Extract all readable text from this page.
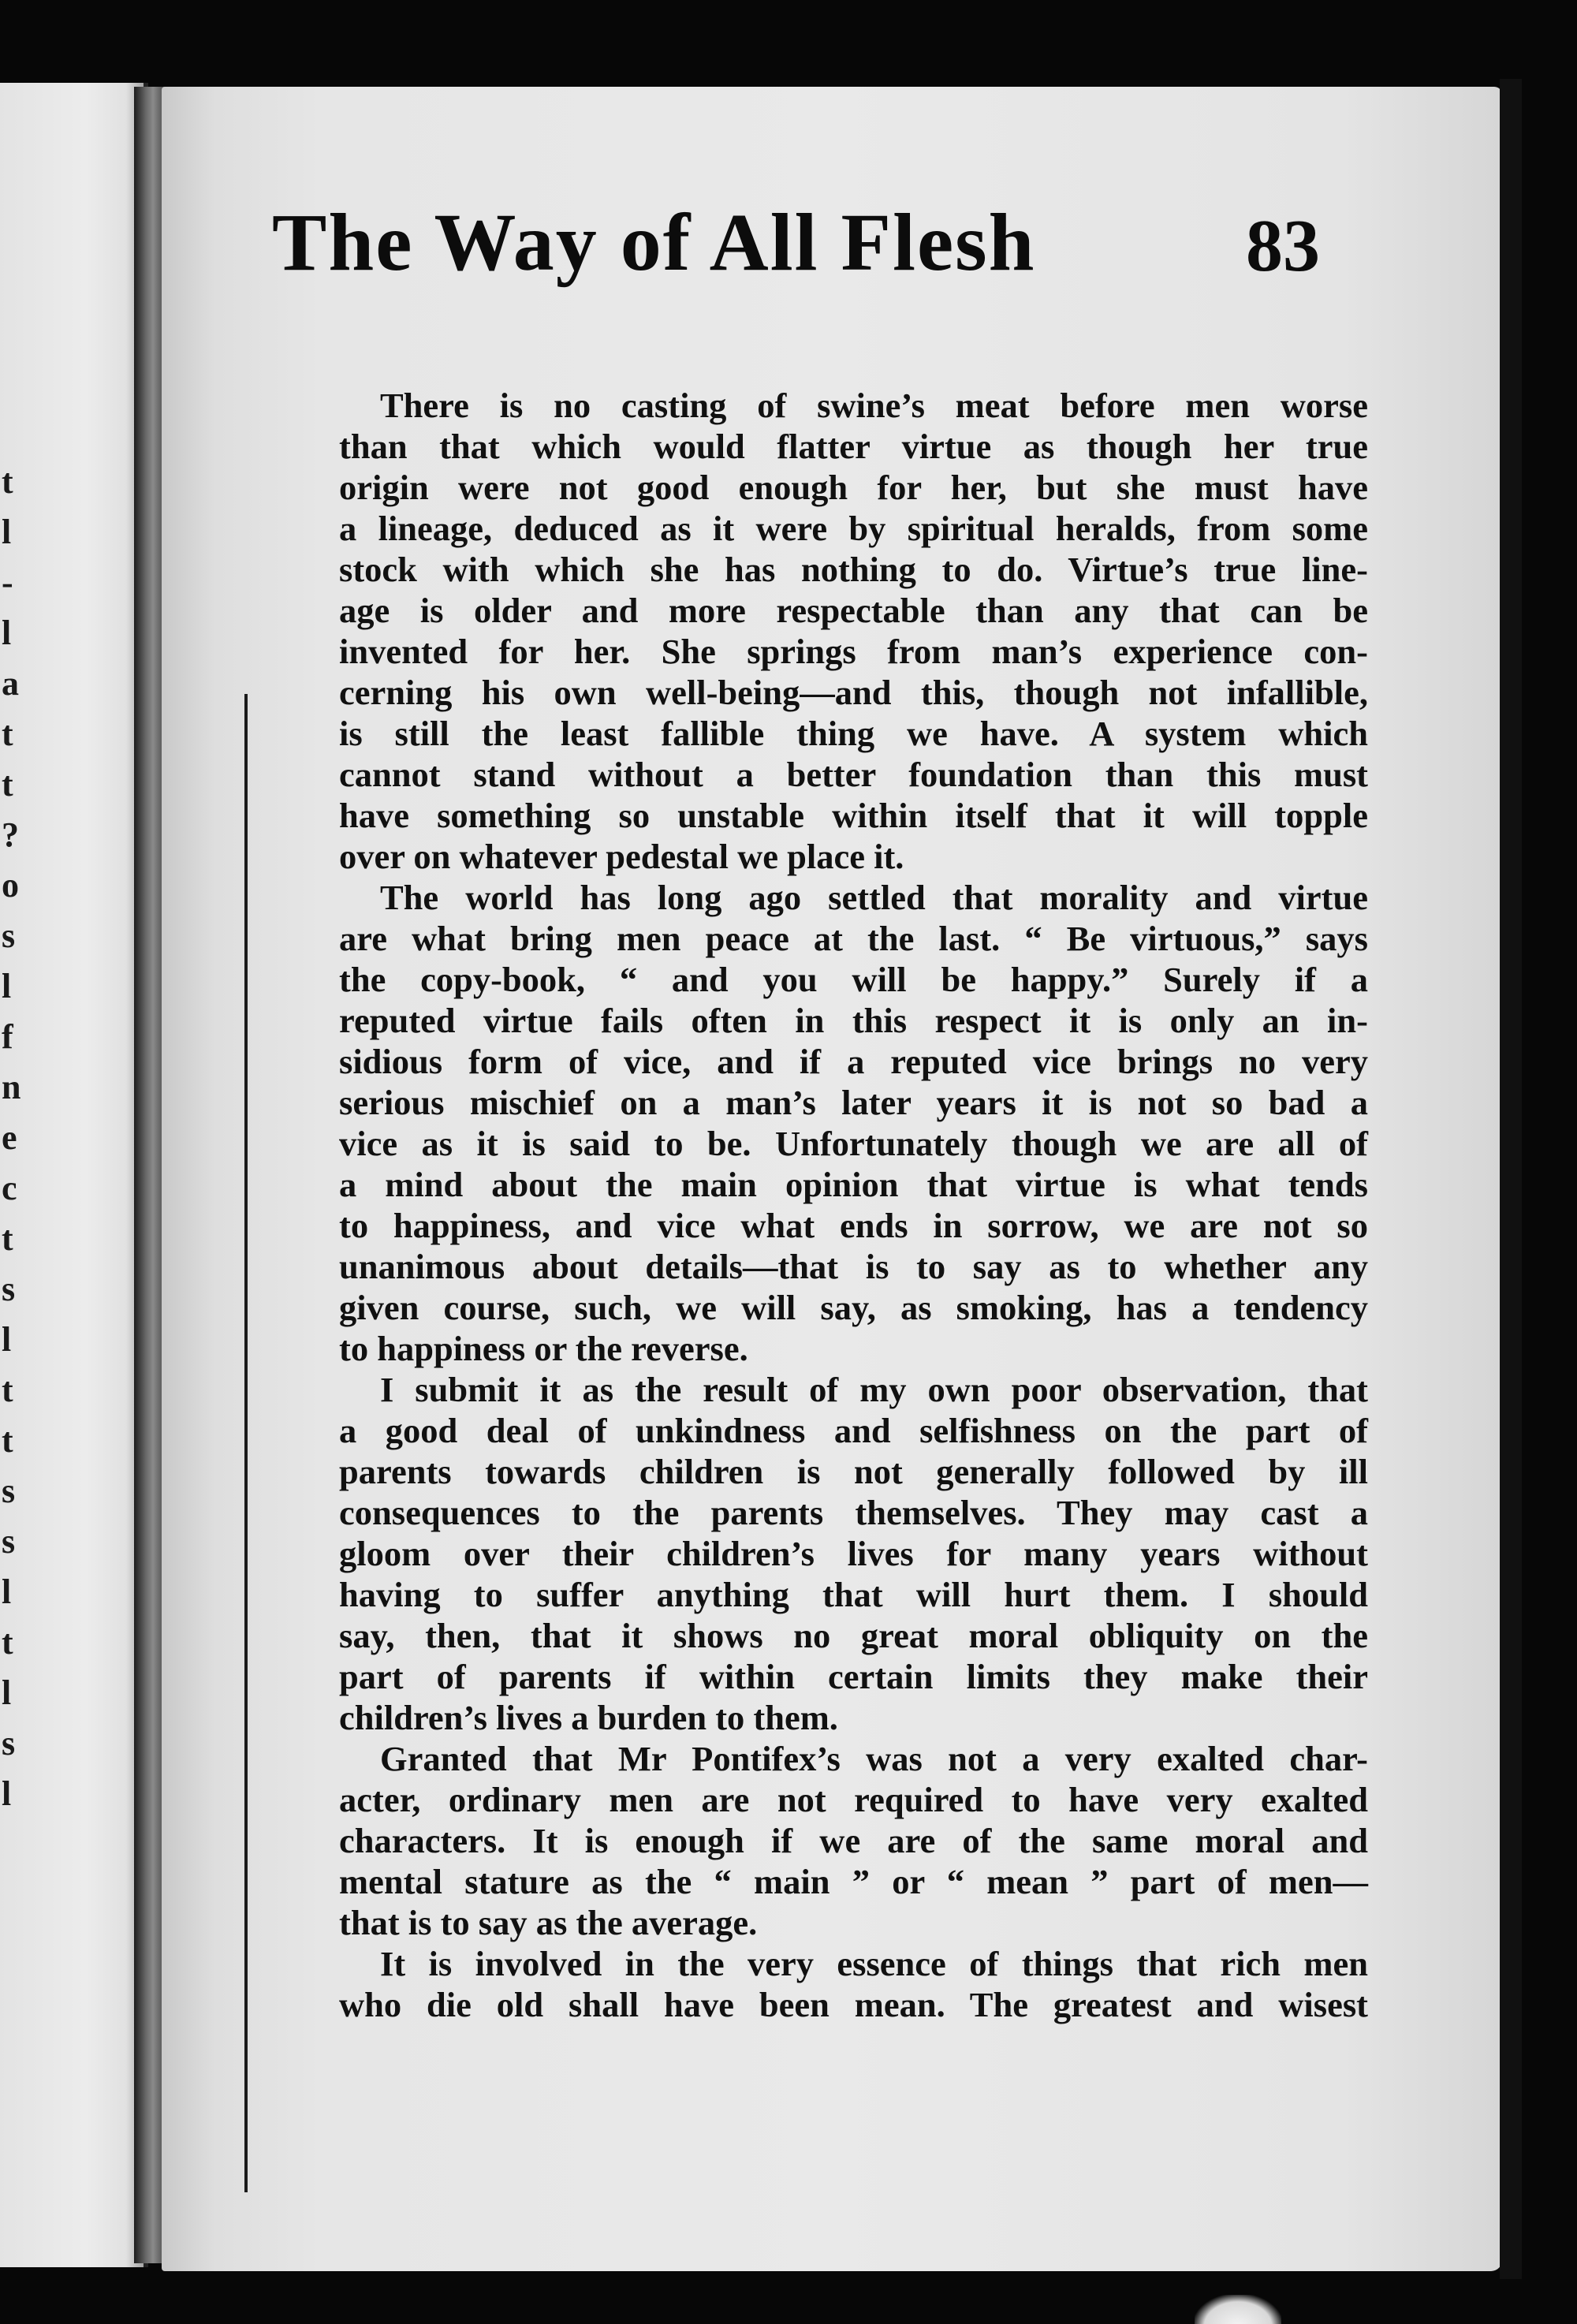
t
l
-
l
a
t
t
?
o
s
l
f
n
e
c
t
s
l
t
t
s
s
l
t
l
s
l
The Way of All Flesh	83
There is no casting of swine’s meat before men worse
than that which would flatter virtue as though her true
origin were not good enough for her, but she must have
a lineage, deduced as it were by spiritual heralds, from some
stock with which she has nothing to do. Virtue’s true line-
age is older and more respectable than any that can be
invented for her. She springs from man’s experience con-
cerning his own well-being—and this, though not infallible,
is still the least fallible thing we have. A system which
cannot stand without a better foundation than this must
have something so unstable within itself that it will topple
over on whatever pedestal we place it.
The world has long ago settled that morality and virtue
are what bring men peace at the last. “ Be virtuous,” says
the copy-book, “ and you will be happy.” Surely if a
reputed virtue fails often in this respect it is only an in-
sidious form of vice, and if a reputed vice brings no very
serious mischief on a man’s later years it is not so bad a
vice as it is said to be. Unfortunately though we are all of
a mind about the main opinion that virtue is what tends
to happiness, and vice what ends in sorrow, we are not so
unanimous about details—that is to say as to whether any
given course, such, we will say, as smoking, has a tendency
to happiness or the reverse.
I submit it as the result of my own poor observation, that
a good deal of unkindness and selfishness on the part of
parents towards children is not generally followed by ill
consequences to the parents themselves. They may cast a
gloom over their children’s lives for many years without
having to suffer anything that will hurt them. I should
say, then, that it shows no great moral obliquity on the
part of parents if within certain limits they make their
children’s lives a burden to them.
Granted that Mr Pontifex’s was not a very exalted char-
acter, ordinary men are not required to have very exalted
characters. It is enough if we are of the same moral and
mental stature as the “ main ” or “ mean ” part of men—
that is to say as the average.
It is involved in the very essence of things that rich men
who die old shall have been mean. The greatest and wisest
